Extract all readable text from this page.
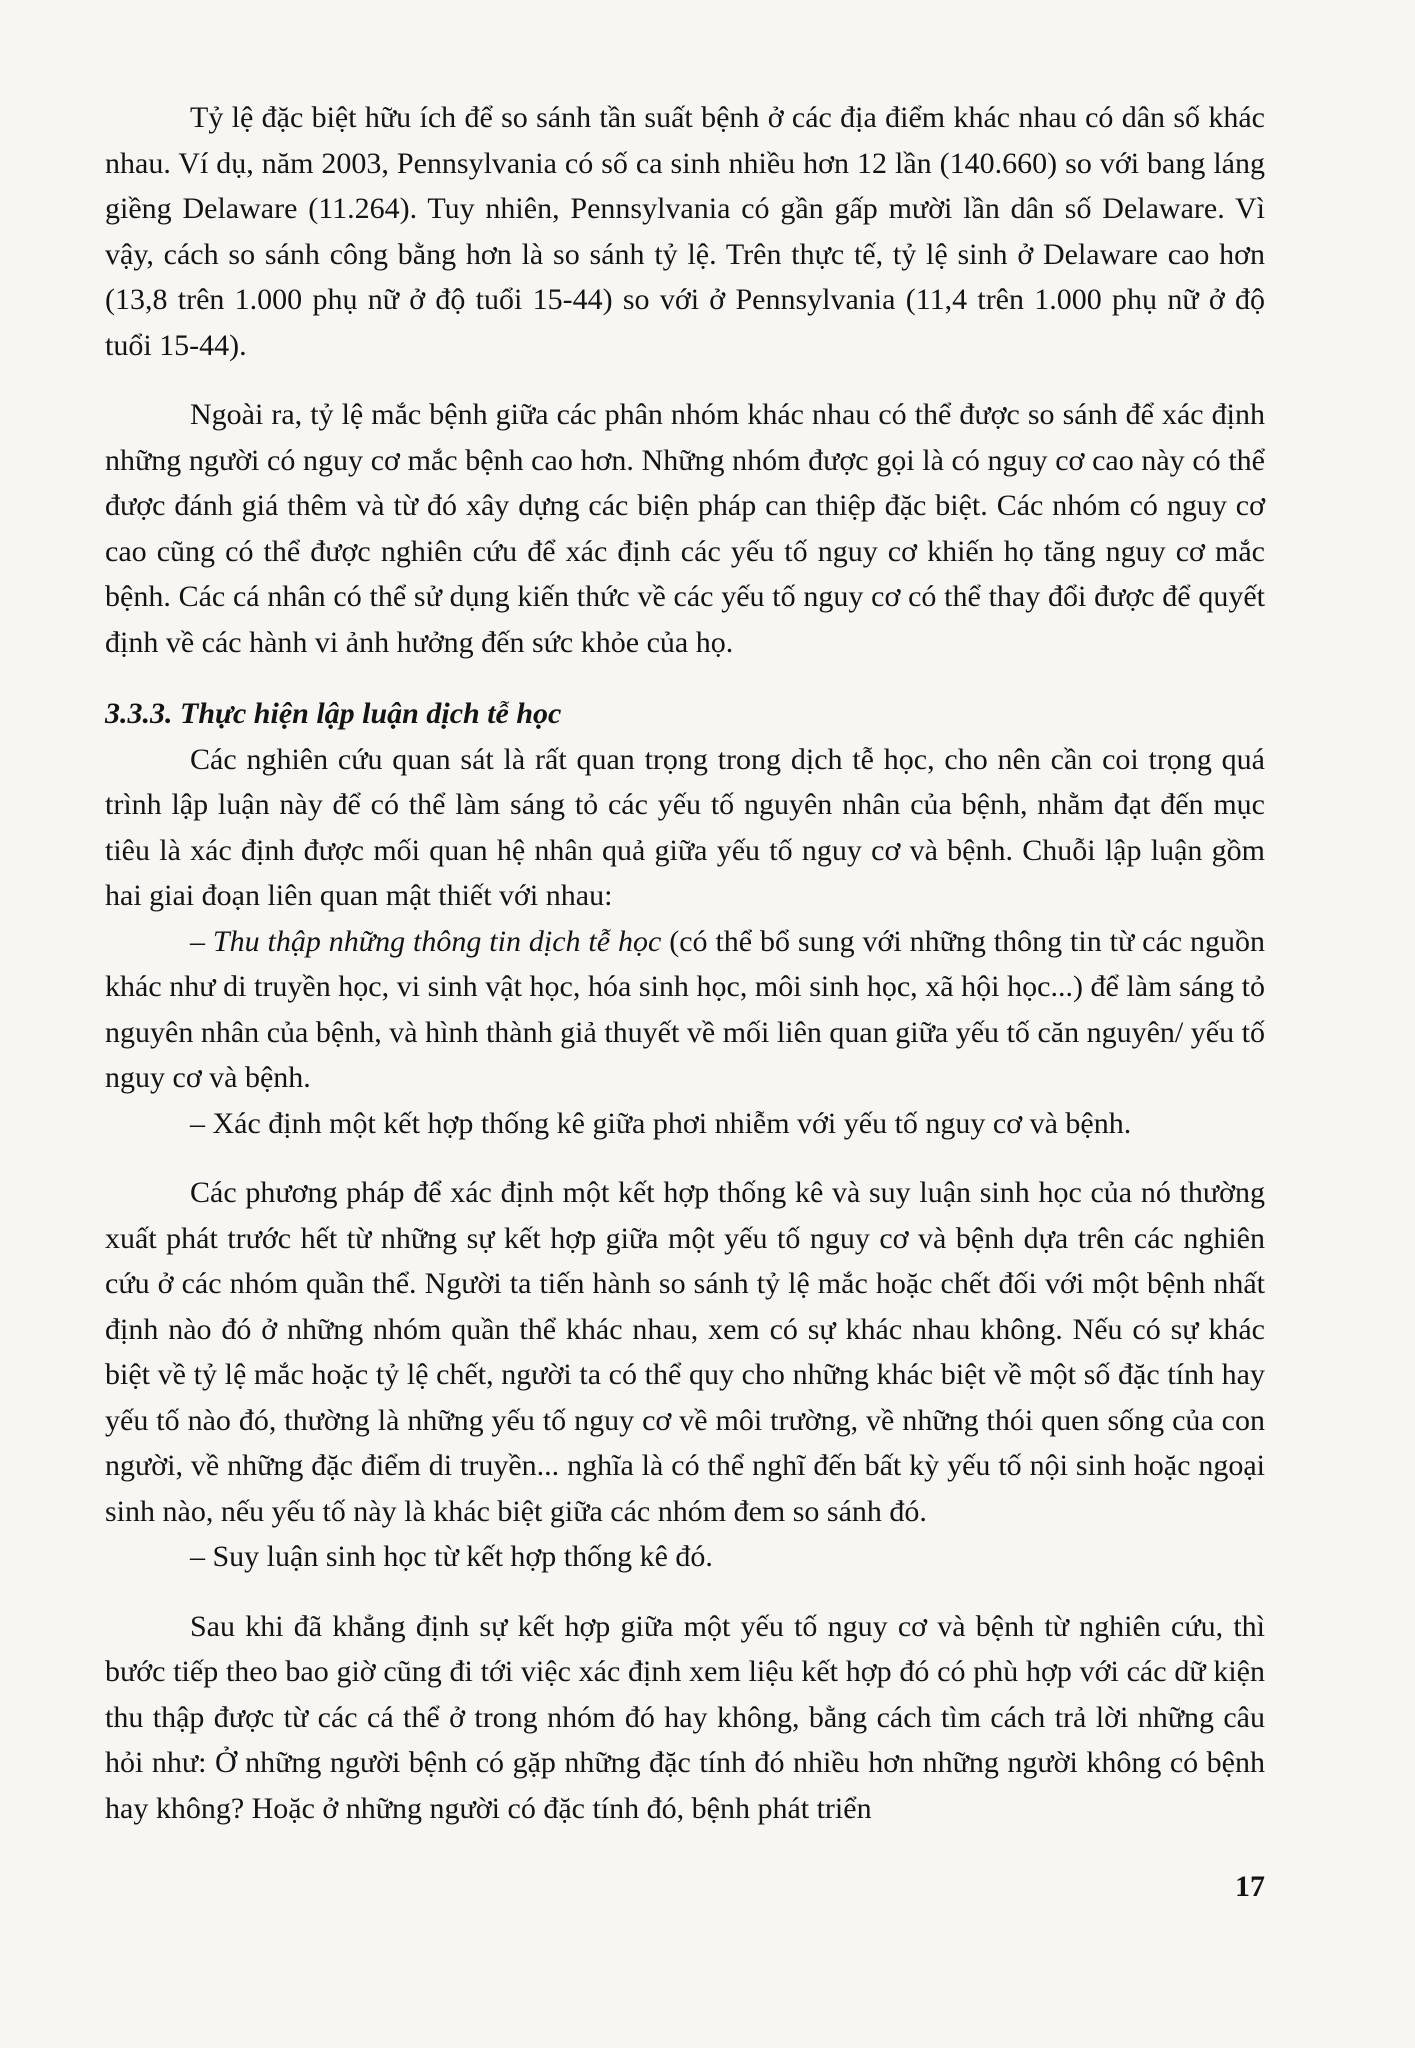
Tỷ lệ đặc biệt hữu ích để so sánh tần suất bệnh ở các địa điểm khác nhau có dân số khác nhau. Ví dụ, năm 2003, Pennsylvania có số ca sinh nhiều hơn 12 lần (140.660) so với bang láng giềng Delaware (11.264). Tuy nhiên, Pennsylvania có gần gấp mười lần dân số Delaware. Vì vậy, cách so sánh công bằng hơn là so sánh tỷ lệ. Trên thực tế, tỷ lệ sinh ở Delaware cao hơn (13,8 trên 1.000 phụ nữ ở độ tuổi 15-44) so với ở Pennsylvania (11,4 trên 1.000 phụ nữ ở độ tuổi 15-44).

Ngoài ra, tỷ lệ mắc bệnh giữa các phân nhóm khác nhau có thể được so sánh để xác định những người có nguy cơ mắc bệnh cao hơn. Những nhóm được gọi là có nguy cơ cao này có thể được đánh giá thêm và từ đó xây dựng các biện pháp can thiệp đặc biệt. Các nhóm có nguy cơ cao cũng có thể được nghiên cứu để xác định các yếu tố nguy cơ khiến họ tăng nguy cơ mắc bệnh. Các cá nhân có thể sử dụng kiến thức về các yếu tố nguy cơ có thể thay đổi được để quyết định về các hành vi ảnh hưởng đến sức khỏe của họ.

3.3.3. Thực hiện lập luận dịch tễ học

Các nghiên cứu quan sát là rất quan trọng trong dịch tễ học, cho nên cần coi trọng quá trình lập luận này để có thể làm sáng tỏ các yếu tố nguyên nhân của bệnh, nhằm đạt đến mục tiêu là xác định được mối quan hệ nhân quả giữa yếu tố nguy cơ và bệnh. Chuỗi lập luận gồm hai giai đoạn liên quan mật thiết với nhau:

– Thu thập những thông tin dịch tễ học (có thể bổ sung với những thông tin từ các nguồn khác như di truyền học, vi sinh vật học, hóa sinh học, môi sinh học, xã hội học...) để làm sáng tỏ nguyên nhân của bệnh, và hình thành giả thuyết về mối liên quan giữa yếu tố căn nguyên/ yếu tố nguy cơ và bệnh.

– Xác định một kết hợp thống kê giữa phơi nhiễm với yếu tố nguy cơ và bệnh.

Các phương pháp để xác định một kết hợp thống kê và suy luận sinh học của nó thường xuất phát trước hết từ những sự kết hợp giữa một yếu tố nguy cơ và bệnh dựa trên các nghiên cứu ở các nhóm quần thể. Người ta tiến hành so sánh tỷ lệ mắc hoặc chết đối với một bệnh nhất định nào đó ở những nhóm quần thể khác nhau, xem có sự khác nhau không. Nếu có sự khác biệt về tỷ lệ mắc hoặc tỷ lệ chết, người ta có thể quy cho những khác biệt về một số đặc tính hay yếu tố nào đó, thường là những yếu tố nguy cơ về môi trường, về những thói quen sống của con người, về những đặc điểm di truyền... nghĩa là có thể nghĩ đến bất kỳ yếu tố nội sinh hoặc ngoại sinh nào, nếu yếu tố này là khác biệt giữa các nhóm đem so sánh đó.

– Suy luận sinh học từ kết hợp thống kê đó.

Sau khi đã khẳng định sự kết hợp giữa một yếu tố nguy cơ và bệnh từ nghiên cứu, thì bước tiếp theo bao giờ cũng đi tới việc xác định xem liệu kết hợp đó có phù hợp với các dữ kiện thu thập được từ các cá thể ở trong nhóm đó hay không, bằng cách tìm cách trả lời những câu hỏi như: Ở những người bệnh có gặp những đặc tính đó nhiều hơn những người không có bệnh hay không? Hoặc ở những người có đặc tính đó, bệnh phát triển

17
